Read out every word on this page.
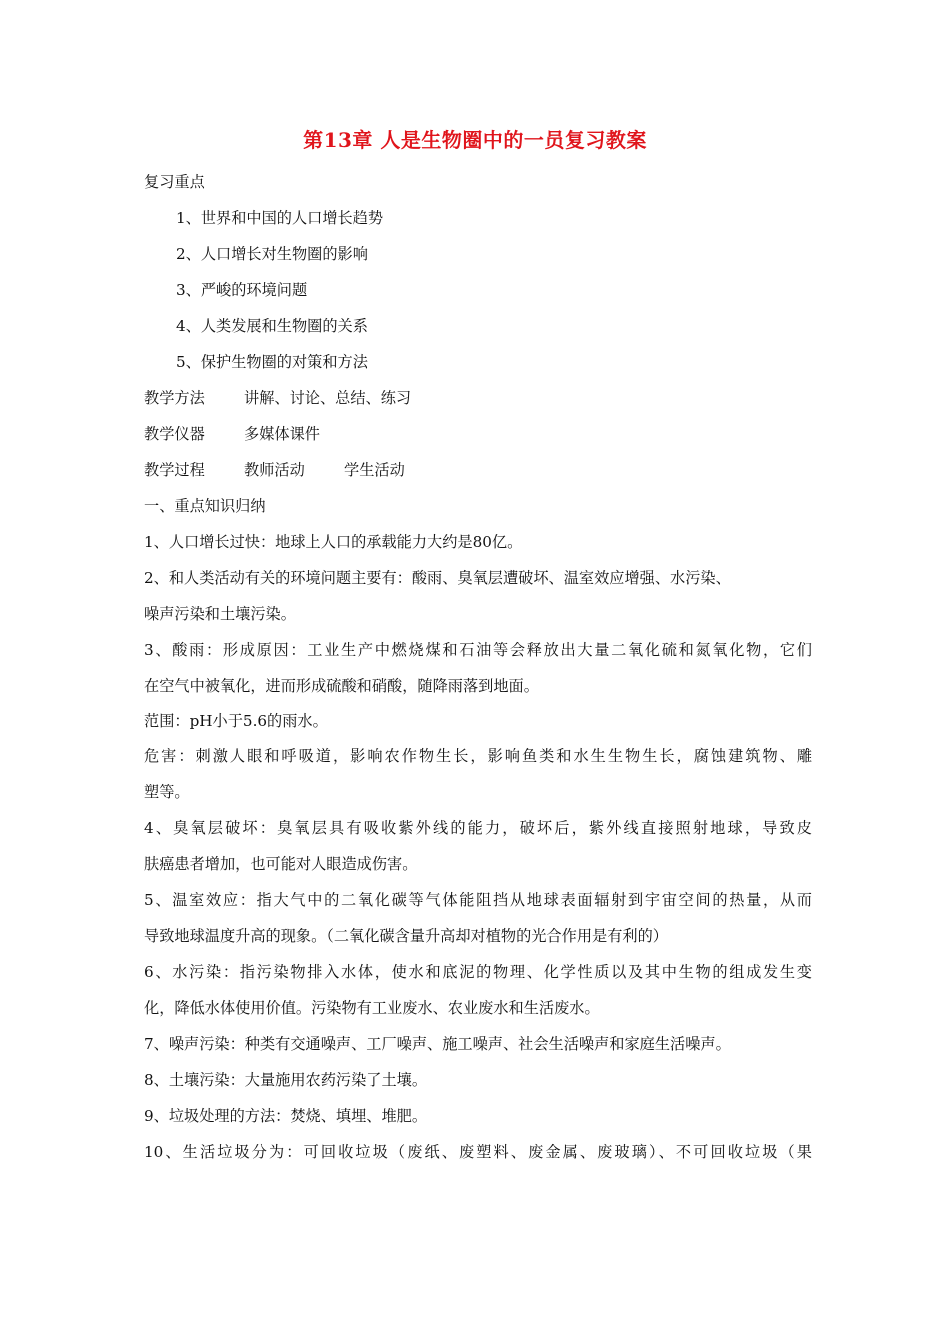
第13章 人是生物圈中的一员复习教案
复习重点
1、世界和中国的人口增长趋势
2、人口增长对生物圈的影响
3、严峻的环境问题
4、人类发展和生物圈的关系
5、保护生物圈的对策和方法
教学方法	讲解、讨论、总结、练习
教学仪器	多媒体课件
教学过程	教师活动	学生活动
一、重点知识归纳
1、人口增长过快：地球上人口的承载能力大约是80亿。
2、和人类活动有关的环境问题主要有：酸雨、臭氧层遭破坏、温室效应增强、水污染、
噪声污染和土壤污染。
3、酸雨：形成原因：工业生产中燃烧煤和石油等会释放出大量二氧化硫和氮氧化物，它们
在空气中被氧化，进而形成硫酸和硝酸，随降雨落到地面。
范围：pH小于5.6的雨水。
危害：刺激人眼和呼吸道，影响农作物生长，影响鱼类和水生生物生长，腐蚀建筑物、雕
塑等。
4、臭氧层破坏：臭氧层具有吸收紫外线的能力，破坏后，紫外线直接照射地球，导致皮
肤癌患者增加，也可能对人眼造成伤害。
5、温室效应：指大气中的二氧化碳等气体能阻挡从地球表面辐射到宇宙空间的热量，从而
导致地球温度升高的现象。（二氧化碳含量升高却对植物的光合作用是有利的）
6、水污染：指污染物排入水体，使水和底泥的物理、化学性质以及其中生物的组成发生变
化，降低水体使用价值。污染物有工业废水、农业废水和生活废水。
7、噪声污染：种类有交通噪声、工厂噪声、施工噪声、社会生活噪声和家庭生活噪声。
8、土壤污染：大量施用农药污染了土壤。
9、垃圾处理的方法：焚烧、填埋、堆肥。
10、生活垃圾分为：可回收垃圾（废纸、废塑料、废金属、废玻璃）、不可回收垃圾（果
